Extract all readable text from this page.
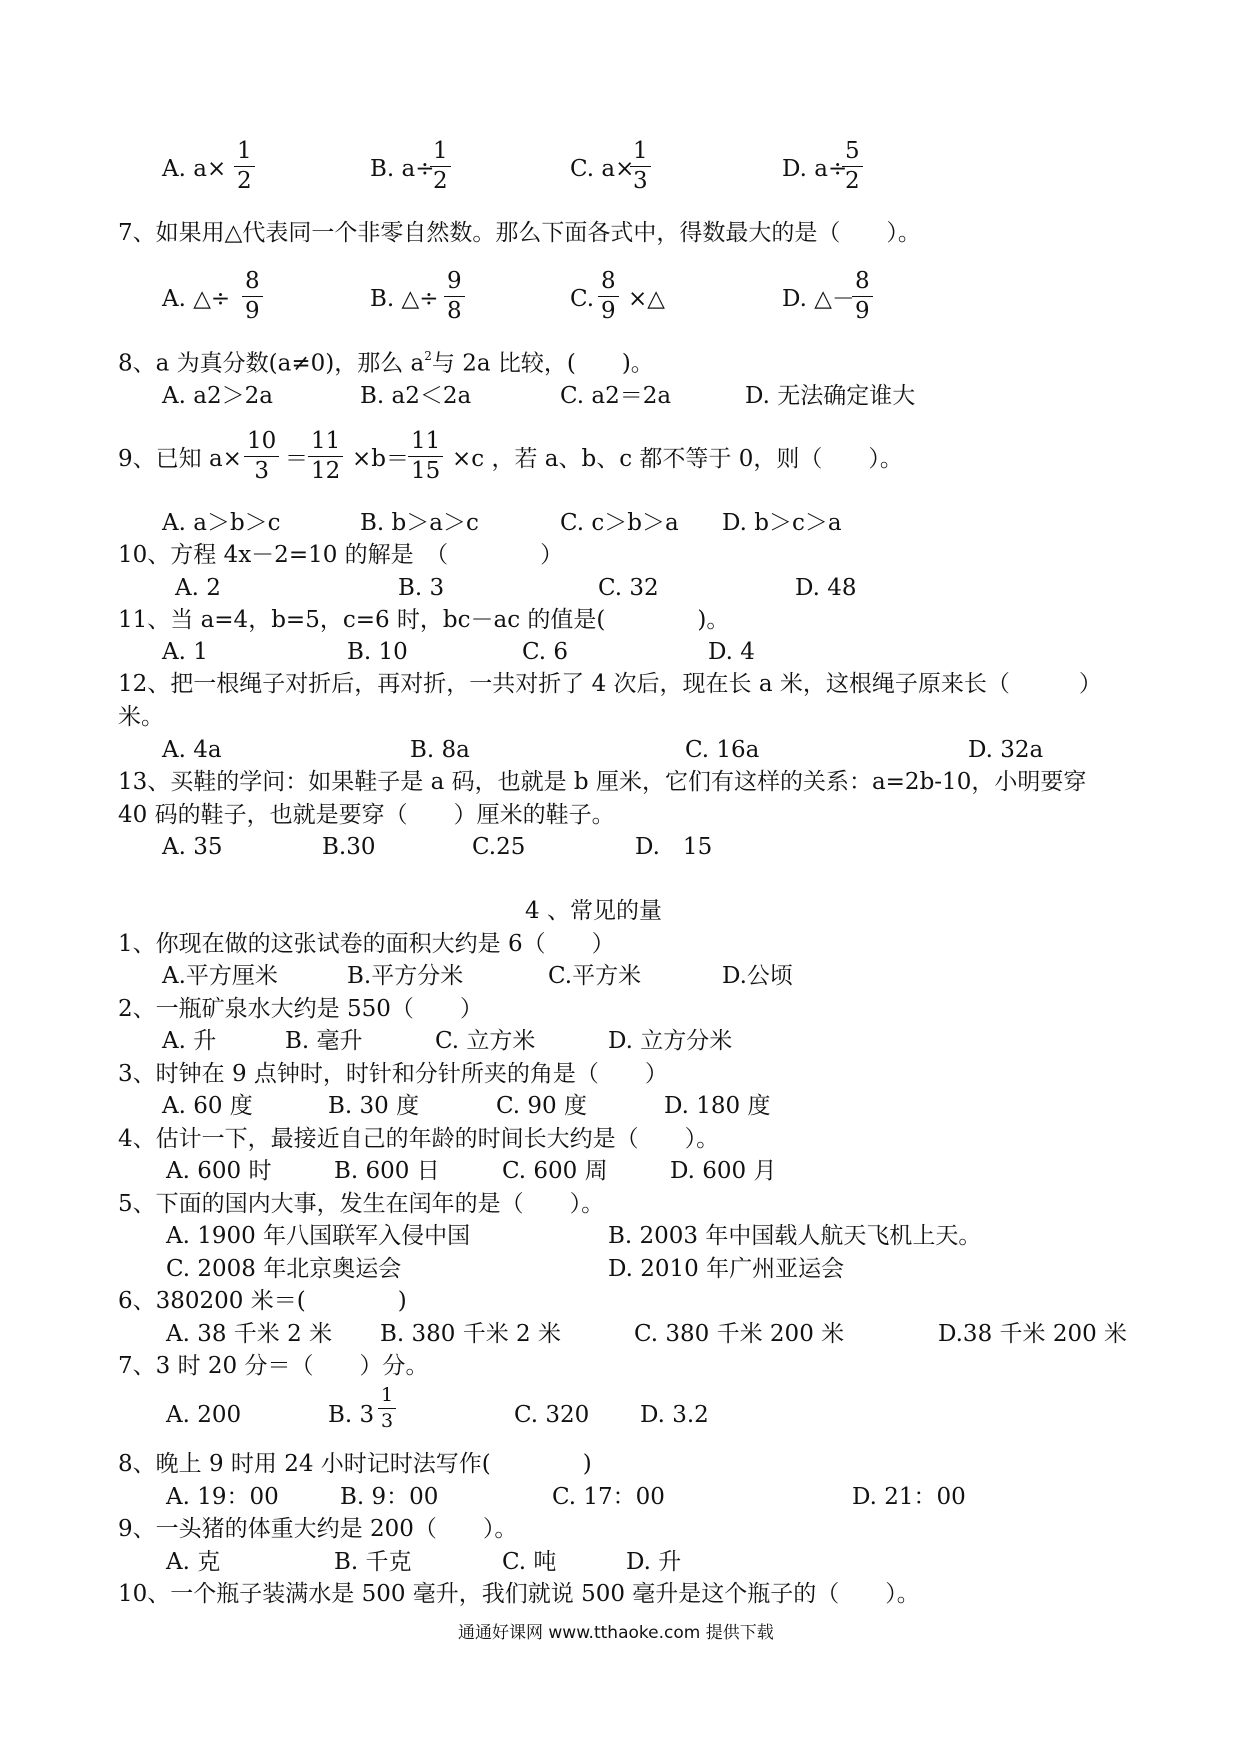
A. $a\times \frac{1}{2}$	B. a÷
$\frac{1}{2}$	C. a×
$\frac{1}{3}$	D. a÷
$\frac{5}{2}$
7、如果用△代表同一个非零自然数。那么下面各式中，得数最大的是（　　）。
A. △÷ $\frac{8}{9}$	B. △÷ $\frac{9}{8}$	C. $\frac{8}{9}$ ×△	D. △－
$\frac{8}{9}$
8、a 为真分数(a≠0)，那么 $a^2$与 2a 比较，(　　)。
A. a2＞2a	B. a2＜2a	C. a2＝2a	D. 无法确定谁大
9、已知 $a\times \frac{10}{3} = \frac{11}{12} \times b= \frac{11}{15} \times c$ ，若 a、b、c 都不等于 0，则（　　）。
A. a＞b＞c	B. b＞a＞c	C. c＞b＞a D. b＞c＞a
10、方程 4x－2=10 的解是　（　　　　）
A. 2	B. 3	C. 32	D. 48
11、当 a=4，b=5，c=6 时，bc－ac 的值是(　　　　)。
A. 1	B. 10	C. 6	D. 4
12、把一根绳子对折后，再对折，一共对折了 4 次后，现在长 a 米，这根绳子原来长（　　　）
米。
A. 4a	B. 8a	C. 16a	D. 32a
13、买鞋的学问：如果鞋子是 a 码，也就是 b 厘米，它们有这样的关系：a=2b-10，小明要穿
40 码的鞋子，也就是要穿（　　）厘米的鞋子。
A. 35	B.30	C.25	D.　15
4 、常见的量
1、你现在做的这张试卷的面积大约是 6（　　）
A.平方厘米	B.平方分米	C.平方米	D.公顷
2、一瓶矿泉水大约是 550（　　）
A. 升	B. 毫升	C. 立方米	D. 立方分米
3、时钟在 9 点钟时，时针和分针所夹的角是（　　）
A. 60 度	B. 30 度	C. 90 度	D. 180 度
4、估计一下，最接近自己的年龄的时间长大约是（　　）。
A. 600 时	B. 600 日	C. 600 周	D. 600 月
5、下面的国内大事，发生在闰年的是（　　）。
A. 1900 年八国联军入侵中国	B. 2003 年中国载人航天飞机上天。
C. 2008 年北京奥运会	D. 2010 年广州亚运会
6、380200 米＝(　　　　)
A. 38 千米 2 米 B. 380 千米 2 米	C. 380 千米 200 米	D.38 千米 200 米
7、3 时 20 分＝（　　）分。
A. 200	B. $3 \frac{1}{3}$	C. 320 D. 3.2
8、晚上 9 时用 24 小时记时法写作(　　　　)
A. 19：00	B. 9：00	C. 17：00	D. 21：00
9、一头猪的体重大约是 200（　　）。
A. 克	B. 千克	C. 吨	D. 升
10、一个瓶子装满水是 500 毫升，我们就说 500 毫升是这个瓶子的（　　）。
通通好课网 www.tthaoke.com 提供下载
